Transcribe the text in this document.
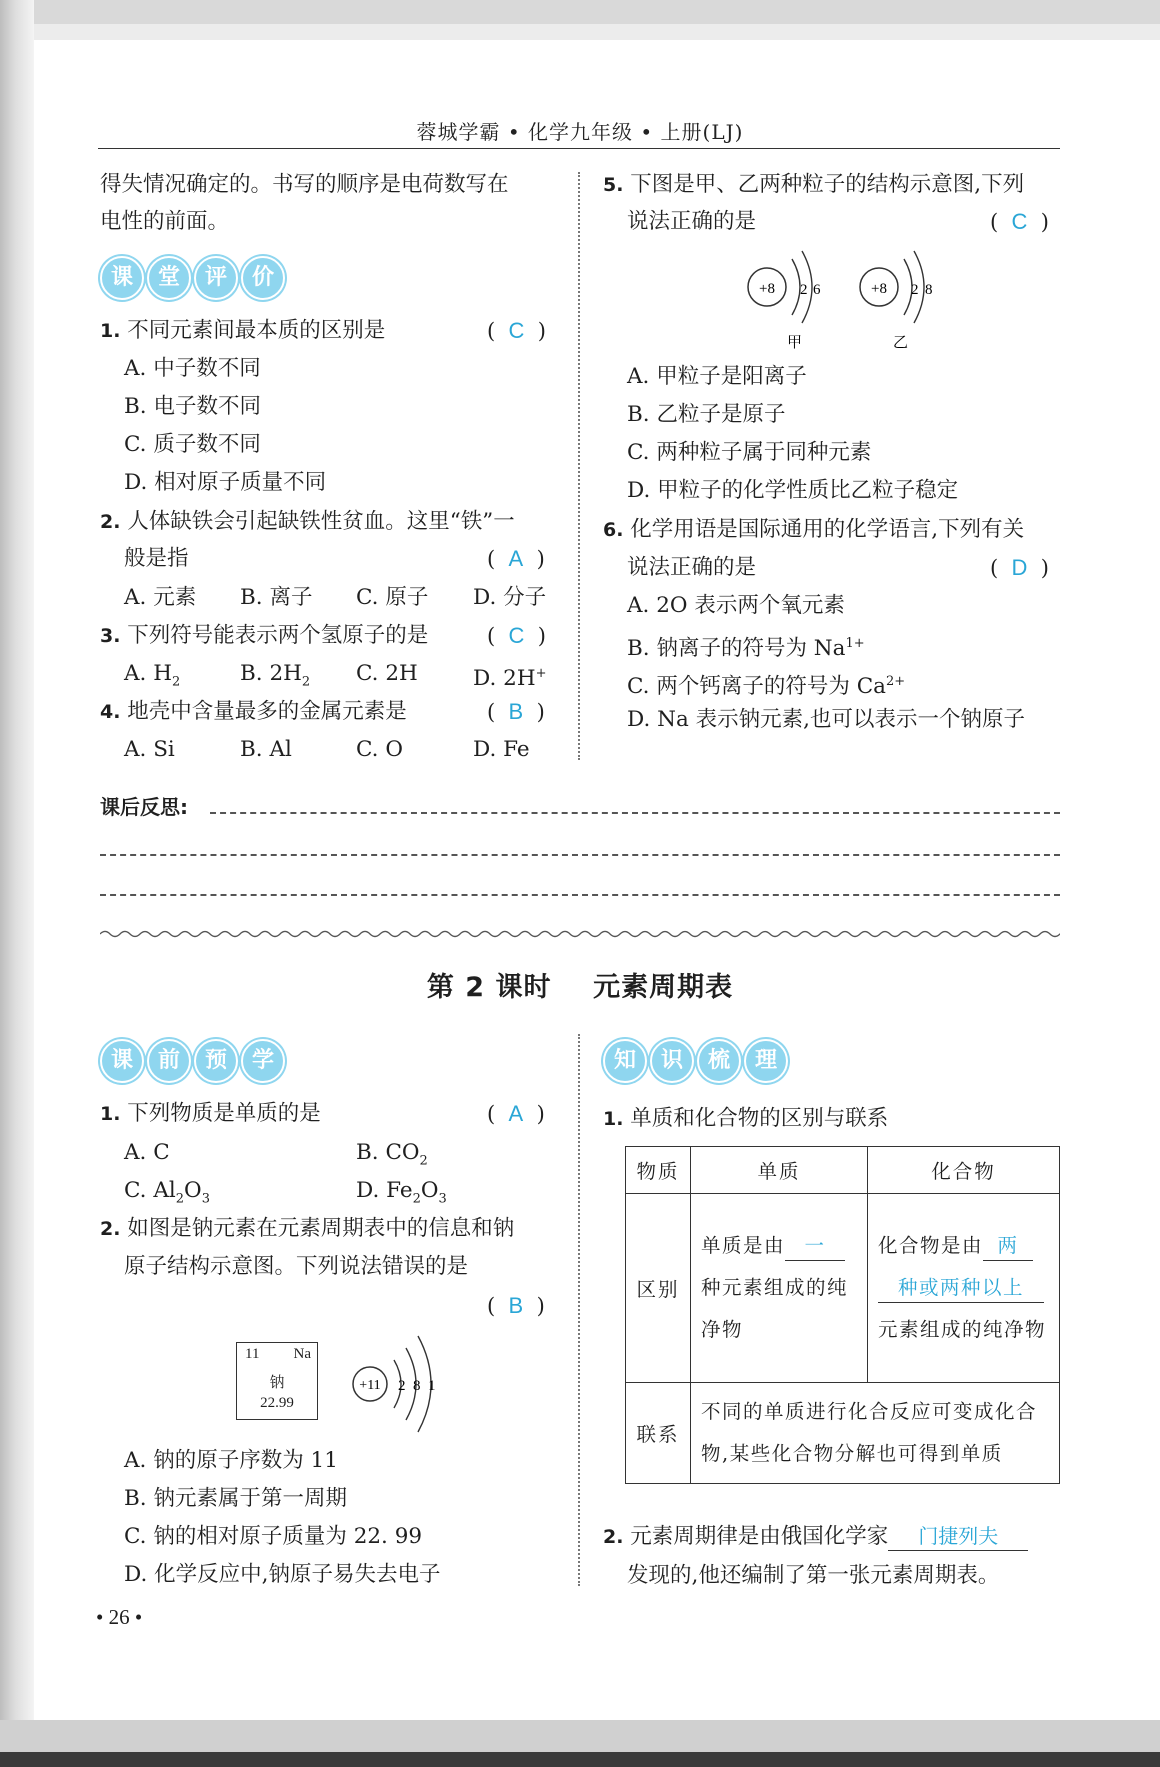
蓉城学霸 • 化学九年级 • 上册(LJ)
得失情况确定的。书写的顺序是电荷数写在
电性的前面。
课	堂	评	价
1. 不同元素间最本质的区别是	(  C  )
A. 中子数不同
B. 电子数不同
C. 质子数不同
D. 相对原子质量不同
2. 人体缺铁会引起缺铁性贫血。这里“铁”一
般是指	(  A  )
A. 元素 B. 离子 C. 原子 D. 分子
3. 下列符号能表示两个氢原子的是	(  C  )
A. $H_2$	B. $2H_2$ C. 2H	D. 2H+
4. 地壳中含量最多的金属元素是	(  B  )
A. Si	B. Al	C. O	D. Fe
5. 下图是甲、乙两种粒子的结构示意图,下列
说法正确的是	(  C  )
+8 2 6
甲
+8 2 8
乙
A. 甲粒子是阳离子
B. 乙粒子是原子
C. 两种粒子属于同种元素
D. 甲粒子的化学性质比乙粒子稳定
6. 化学用语是国际通用的化学语言,下列有关
说法正确的是	(  D  )
A. 2O 表示两个氧元素
B. 钠离子的符号为 $Na^{1+}$
C. 两个钙离子的符号为 $Ca^{2+}$
D. Na 表示钠元素,也可以表示一个钠原子
课后反思:
第 2 课时    元素周期表
课	前	预	学
1. 下列物质是单质的是	(  A  )
A. C	B. $CO_2$
C. $Al_2O_3$	D. $Fe_2O_3$
2. 如图是钠元素在元素周期表中的信息和钠
原子结构示意图。下列说法错误的是
(  B  )
11 Na
钠
22.99
+11 2 8 1
A. 钠的原子序数为 11
B. 钠元素属于第一周期
C. 钠的相对原子质量为 22. 99
D. 化学反应中,钠原子易失去电子
知	识	梳	理
1. 单质和化合物的区别与联系
物质	单质	化合物
区别	单质是由 一种元素组成的纯净物	化合物是由 两种或两种以上元素组成的纯净物
联系	不同的单质进行化合反应可变成化合物,某些化合物分解也可得到单质	
2. 元素周期律是由俄国化学家 门捷列夫
发现的,他还编制了第一张元素周期表。
• 26 •
